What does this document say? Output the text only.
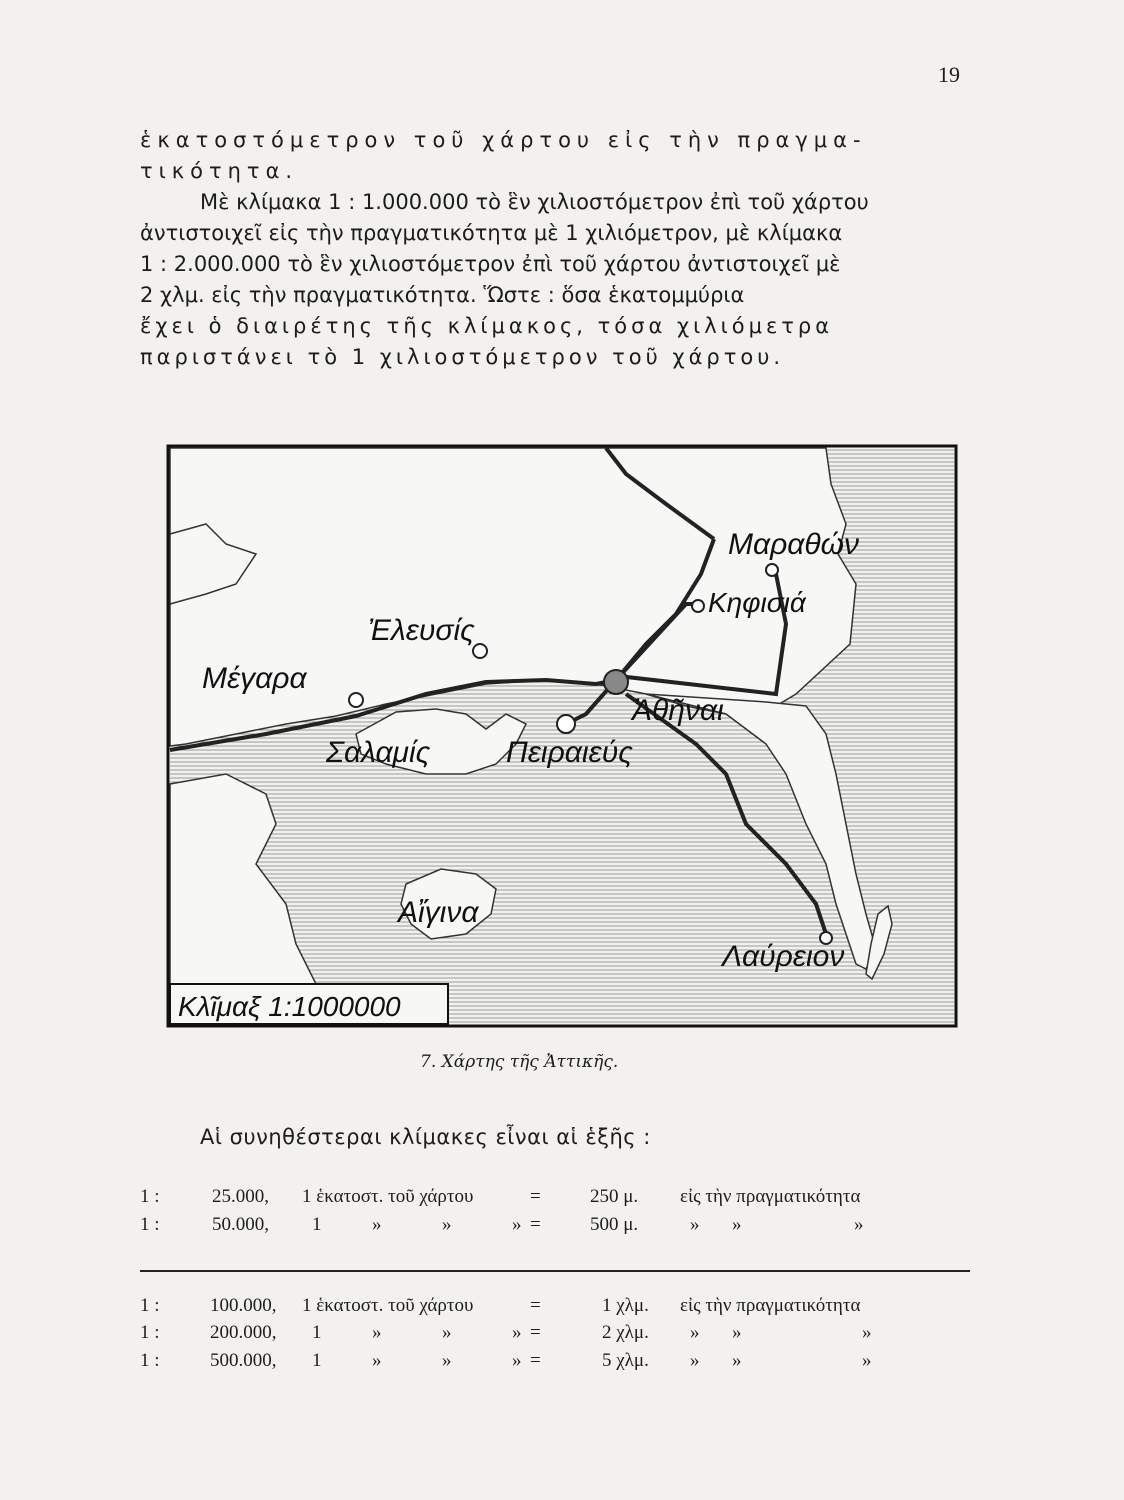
19
ἑκατοστόμετρον τοῦ χάρτου εἰς τὴν πραγμα-
τικότητα.
Μὲ κλίμακα 1 : 1.000.000 τὸ ἓν χιλιοστόμετρον ἐπὶ τοῦ χάρτου
ἀντιστοιχεῖ εἰς τὴν πραγματικότητα μὲ 1 χιλιόμετρον, μὲ κλίμακα
1 : 2.000.000 τὸ ἓν χιλιοστόμετρον ἐπὶ τοῦ χάρτου ἀντιστοιχεῖ μὲ
2 χλμ. εἰς τὴν πραγματικότητα. Ὥστε : ὅσα ἑκατομμύρια
ἔχει ὁ διαιρέτης τῆς κλίμακος, τόσα χιλιόμετρα
παριστάνει τὸ 1 χιλιοστόμετρον τοῦ χάρτου.
Μαραθών
Κηφισιά
Ἐλευσίς
Μέγαρα
Ἀθῆναι
Πειραιεύς
Σαλαμίς
Αἴγινα
Λαύρειον
Κλῖμαξ 1:1000000
7. Χάρτης τῆς Ἀττικῆς.
Αἱ συνηθέστεραι κλίμακες εἶναι αἱ ἑξῆς :
1 :	25.000, 1 ἑκατοστ. τοῦ χάρτου	=	250 μ. εἰς τὴν πραγματικότητα
1 :	50.000, 1	»	»	» =	500 μ.	» »	»
1 :	100.000, 1 ἑκατοστ. τοῦ χάρτου	=	1 χλμ. εἰς τὴν πραγματικότητα
1 :	200.000, 1	»	»	» =	2 χλμ. » »	»
1 :	500.000, 1	»	»	» =	5 χλμ. » »	»
